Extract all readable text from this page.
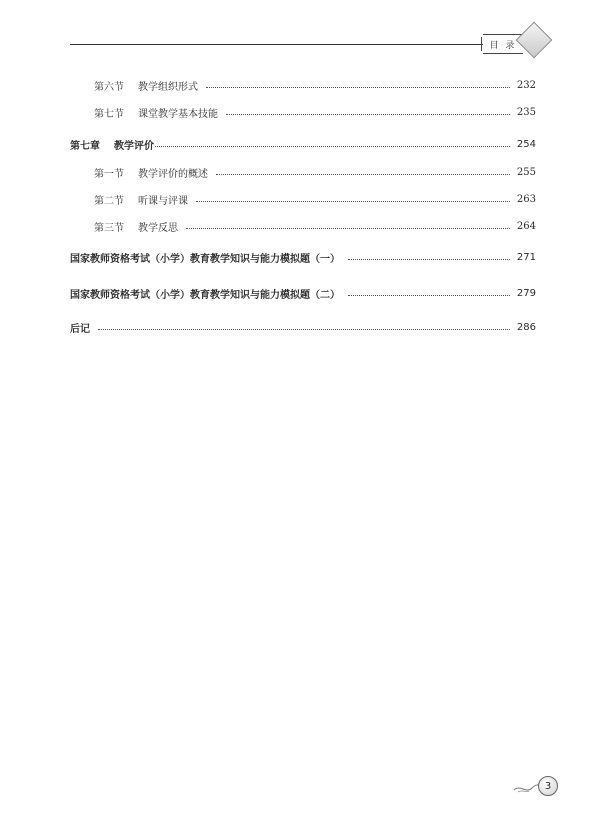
目 录
第六节 教学组织形式	232
第七节 课堂教学基本技能	235
第七章 教学评价	254
第一节 教学评价的概述	255
第二节 听课与评课	263
第三节 教学反思	264
国家教师资格考试（小学）教育教学知识与能力模拟题（一）	271
国家教师资格考试（小学）教育教学知识与能力模拟题（二）	279
后记	286
3
